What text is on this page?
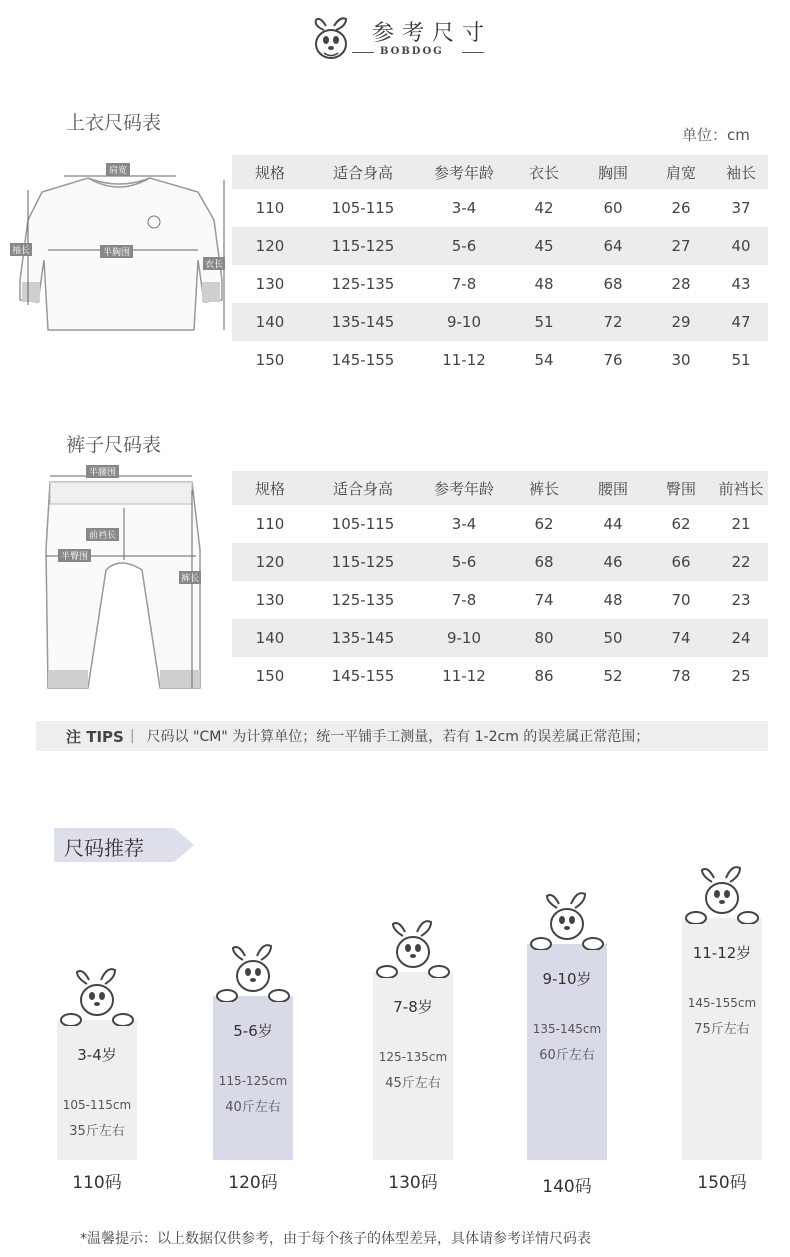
参考尺寸
BOBDOG
上衣尺码表
单位：cm
肩宽
袖长	半胸围
衣长
规格	适合身高	参考年龄	衣长	胸围	肩宽	袖长
110	105-115	3-4	42	60	26	37
120	115-125	5-6	45	64	27	40
130	125-135	7-8	48	68	28	43
140	135-145	9-10	51	72	29	47
150	145-155	11-12	54	76	30	51
裤子尺码表
半腰围
前裆长
半臀围
裤长
规格	适合身高	参考年龄	裤长	腰围	臀围	前裆长
110	105-115	3-4	62	44	62	21
120	115-125	5-6	68	46	66	22
130	125-135	7-8	74	48	70	23
140	135-145	9-10	80	50	74	24
150	145-155	11-12	86	52	78	25
注 TIPS | 尺码以 "CM" 为计算单位；统一平铺手工测量，若有 1-2cm 的误差属正常范围；
尺码推荐
3-4岁
105-115cm
35斤左右
110码
5-6岁
115-125cm
40斤左右
120码
7-8岁
125-135cm
45斤左右
130码
9-10岁
135-145cm
60斤左右
140码
11-12岁
145-155cm
75斤左右
150码
*温馨提示：以上数据仅供参考，由于每个孩子的体型差异，具体请参考详情尺码表
